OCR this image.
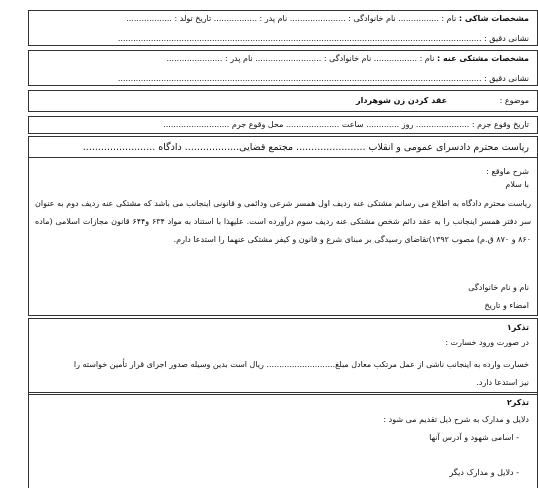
مشخصات شاکی : نام : ................ نام خانوادگی : ...................... نام پدر : ................. تاریخ تولد : ..................
نشانی دقیق : ...............................................................................................................................................
مشخصات مشتکی عنه : نام : ................. نام خانوادگی : .......................... نام پدر : ......................
نشانی دقیق : ...............................................................................................................................................
موضوع : عقد کردن زن شوهردار
تاریخ وقوع جرم : ..................... روز ............. ساعت ..................... محل وقوع جرم ..........................
ریاست محترم دادسرای عمومی و انقلاب ....................... مجتمع قضایی.................. دادگاه ........................
شرح ماوقع :
با سلام
ریاست محترم دادگاه به اطلاع می رسانم مشتکی عنه ردیف اول همسر شرعی ودائمی و قانونی اینجانب می باشد که مشتکی عنه ردیف دوم به عنوان سر دفتر همسر اینجانب را به عقد دائم شخص مشتکی عنه ردیف سوم درآورده است. علیهذا با استناد به مواد ۶۳۴ و۶۴۴ قانون مجازات اسلامی (ماده ۸۶۰ و ۸۷۰ ق.م) مصوب ۱۳۹۲)تقاضای رسیدگی بر مبنای شرع و قانون و کیفر مشتکی عنهما را استدعا دارم.
نام و نام خانوادگی
امضاء و تاریخ
تذکر۱
در صورت ورود خسارت :
خسارت وارده به اینجانب ناشی از عمل مرتکب معادل مبلغ........................... ریال است بدین وسیله صدور اجرای قرار تأمین خواسته را
نیز استدعا دارد.
تذکر۲
دلایل و مدارک به شرح ذیل تقدیم می شود :
- اسامی شهود و آدرس آنها
- دلایل و مدارک دیگر
